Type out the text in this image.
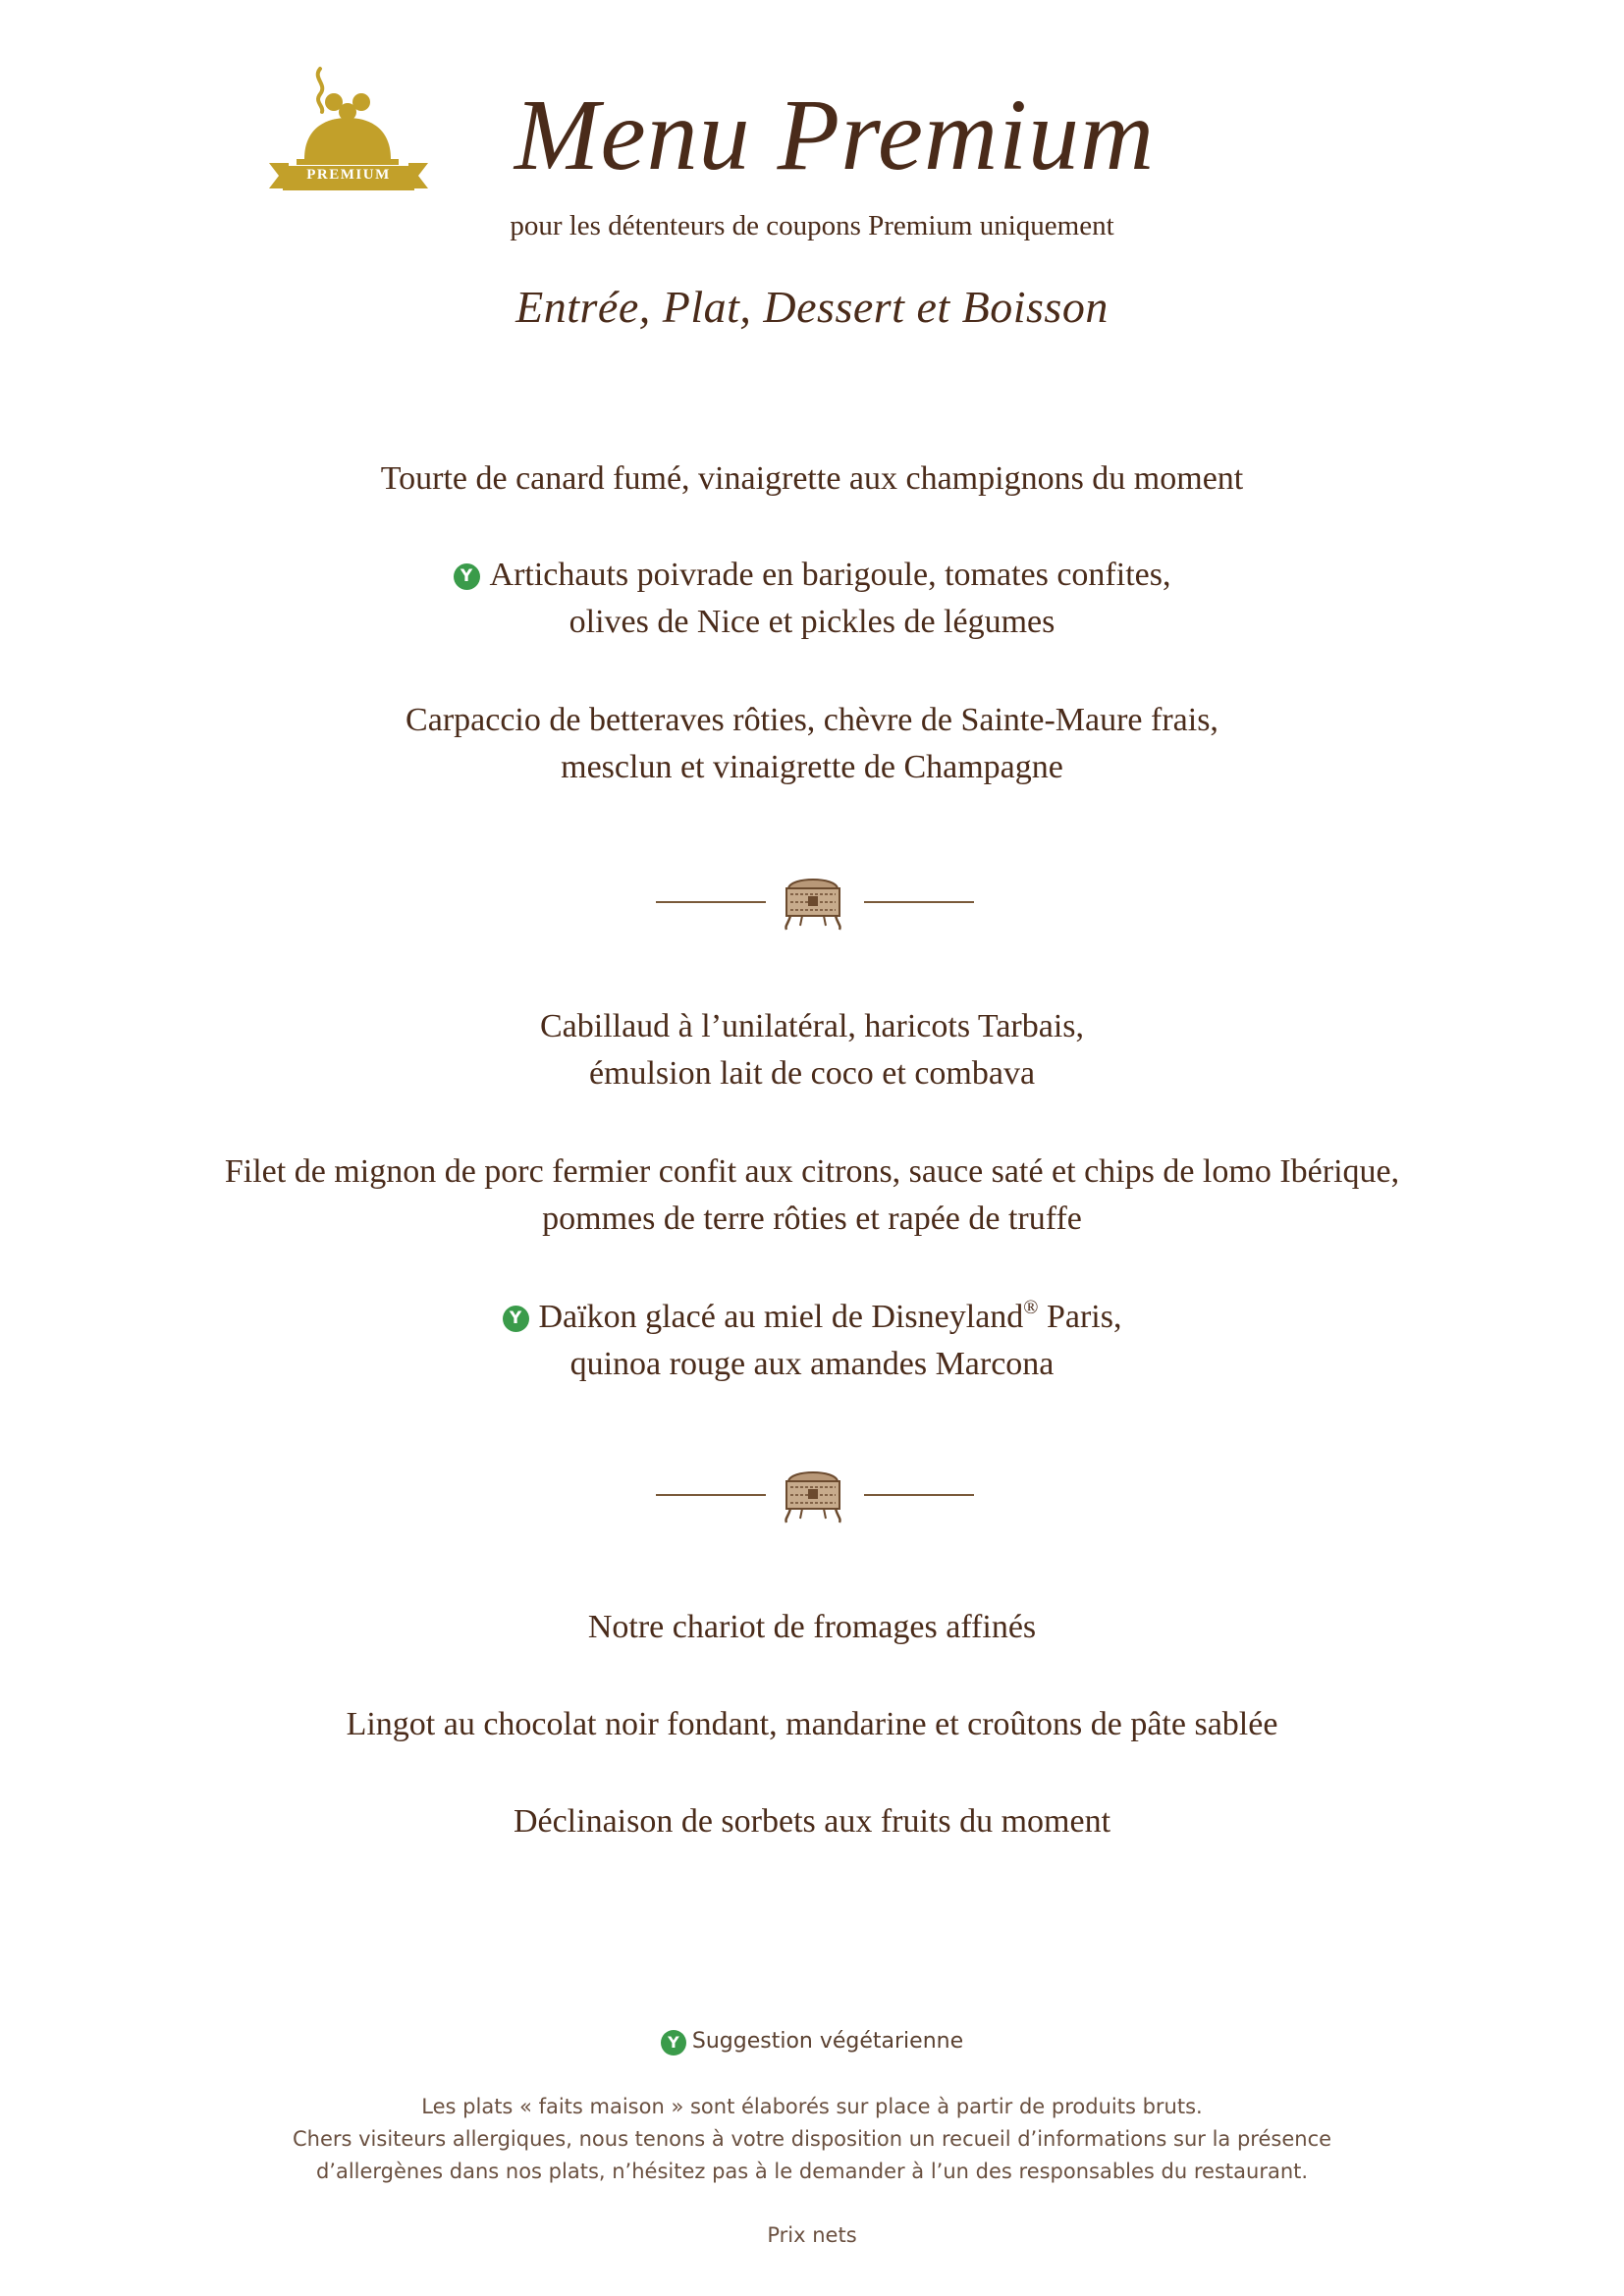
PREMIUM	Menu Premium
pour les détenteurs de coupons Premium uniquement
Entrée, Plat, Dessert et Boisson
Tourte de canard fumé, vinaigrette aux champignons du moment
Y Artichauts poivrade en barigoule, tomates confites,
olives de Nice et pickles de légumes
Carpaccio de betteraves rôties, chèvre de Sainte-Maure frais,
mesclun et vinaigrette de Champagne
Cabillaud à l’unilatéral, haricots Tarbais,
émulsion lait de coco et combava
Filet de mignon de porc fermier confit aux citrons, sauce saté et chips de lomo Ibérique,
pommes de terre rôties et rapée de truffe
Y Daïkon glacé au miel de Disneyland® Paris,
quinoa rouge aux amandes Marcona
Notre chariot de fromages affinés
Lingot au chocolat noir fondant, mandarine et croûtons de pâte sablée
Déclinaison de sorbets aux fruits du moment
Y Suggestion végétarienne
Les plats « faits maison » sont élaborés sur place à partir de produits bruts.
Chers visiteurs allergiques, nous tenons à votre disposition un recueil d’informations sur la présence
d’allergènes dans nos plats, n’hésitez pas à le demander à l’un des responsables du restaurant.
Prix nets
